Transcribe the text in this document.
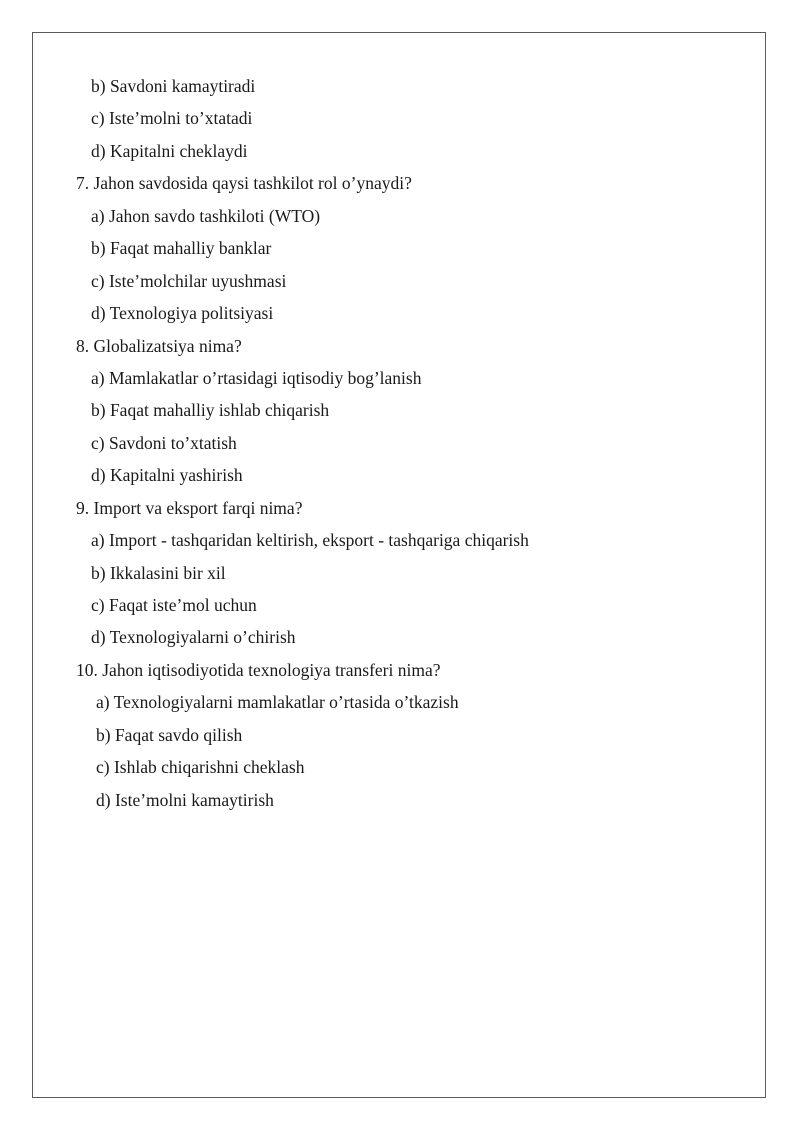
b) Savdoni kamaytiradi
c) Iste’molni to’xtatadi
d) Kapitalni cheklaydi
7. Jahon savdosida qaysi tashkilot rol o’ynaydi?
a) Jahon savdo tashkiloti (WTO)
b) Faqat mahalliy banklar
c) Iste’molchilar uyushmasi
d) Texnologiya politsiyasi
8. Globalizatsiya nima?
a) Mamlakatlar o’rtasidagi iqtisodiy bog’lanish
b) Faqat mahalliy ishlab chiqarish
c) Savdoni to’xtatish
d) Kapitalni yashirish
9. Import va eksport farqi nima?
a) Import - tashqaridan keltirish, eksport - tashqariga chiqarish
b) Ikkalasini bir xil
c) Faqat iste’mol uchun
d) Texnologiyalarni o’chirish
10. Jahon iqtisodiyotida texnologiya transferi nima?
a) Texnologiyalarni mamlakatlar o’rtasida o’tkazish
b) Faqat savdo qilish
c) Ishlab chiqarishni cheklash
d) Iste’molni kamaytirish
